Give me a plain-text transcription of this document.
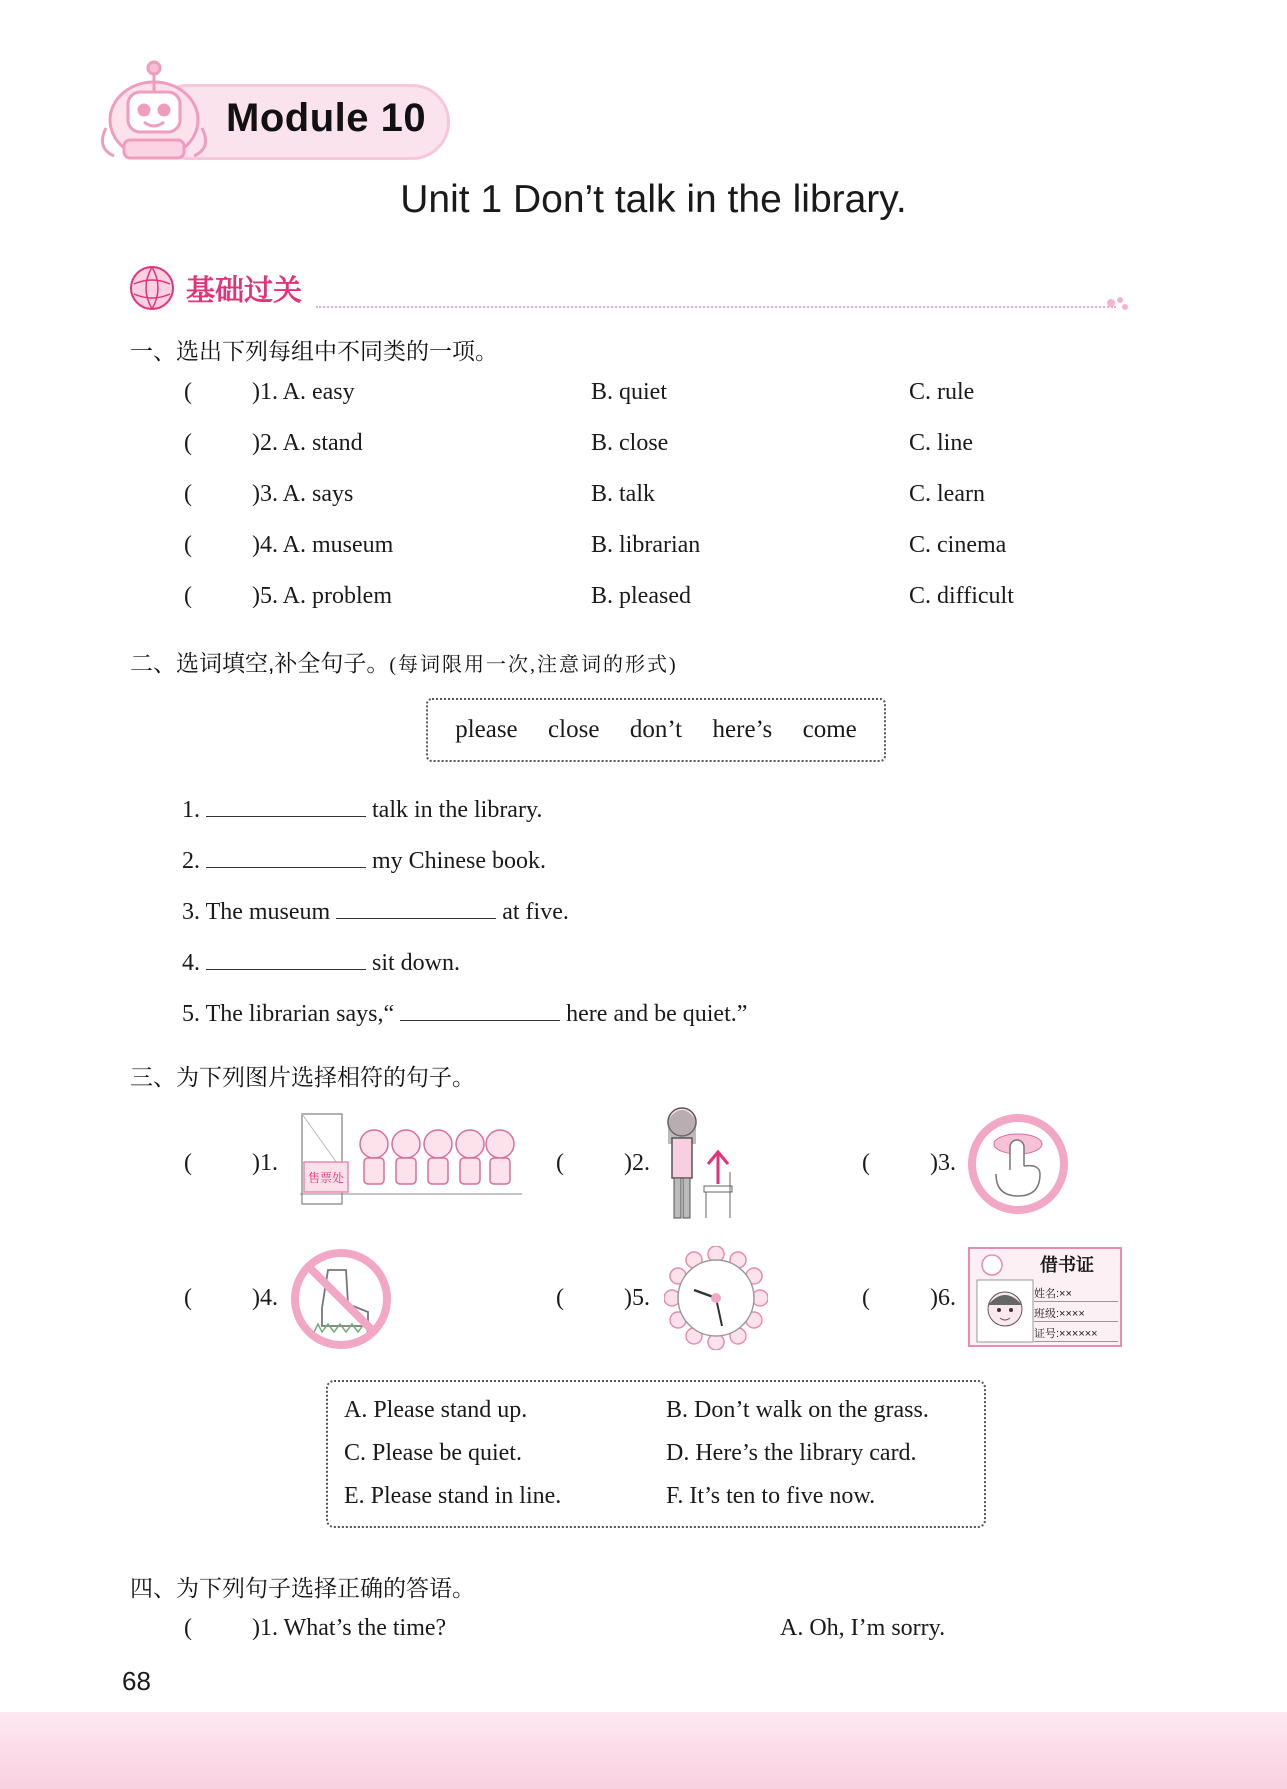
Module 10
Unit 1 Don’t talk in the library.
基础过关
一、选出下列每组中不同类的一项。
(	)1. A. easy	B. quiet	C. rule
(	)2. A. stand	B. close	C. line
(	)3. A. says	B. talk	C. learn
(	)4. A. museum	B. librarian	C. cinema
(	)5. A. problem	B. pleased	C. difficult
二、选词填空,补全句子。(每词限用一次,注意词的形式)
please close don’t here’s come
1.	talk in the library.
2.	my Chinese book.
3. The museum	at five.
4.	sit down.
5. The librarian says,“	here and be quiet.”
三、为下列图片选择相符的句子。
(	)1.
售票处
(	)2.	(	)3.
(	)4.	(	)5.	(	)6.
借书证
姓名:××
班级:××××
证号:××××××
A. Please stand up.	B. Don’t walk on the grass.
C. Please be quiet.	D. Here’s the library card.
E. Please stand in line.	F. It’s ten to five now.
四、为下列句子选择正确的答语。
(	)1. What’s the time?	A. Oh, I’m sorry.
68
